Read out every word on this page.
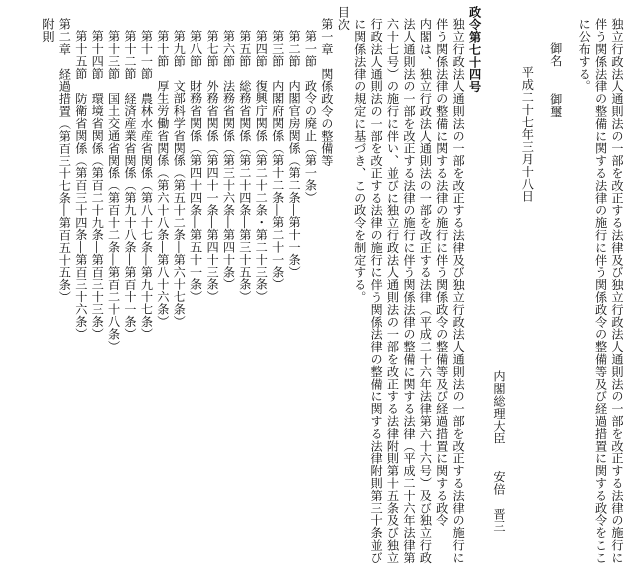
独立行政法人通則法の一部を改正する法律及び独立行政法人通則法の一部を改正する法律の施行に伴う関係法律の整備に関する法律の施行に伴う関係政令の整備等及び経過措置に関する政令をここに公布する。
御名御璽
平成二十七年三月十八日
内閣総理大臣安倍　晋三
政令第七十四号
独立行政法人通則法の一部を改正する法律及び独立行政法人通則法の一部を改正する法律の施行に伴う関係法律の整備に関する法律の施行に伴う関係政令の整備等及び経過措置に関する政令
内閣は、独立行政法人通則法の一部を改正する法律（平成二十六年法律第六十六号）及び独立行政法人通則法の一部を改正する法律の施行に伴う関係法律の整備に関する法律（平成二十六年法律第六十七号）の施行に伴い、並びに独立行政法人通則法の一部を改正する法律附則第十五条及び独立行政法人通則法の一部を改正する法律の施行に伴う関係法律の整備に関する法律附則第三十条並びに関係法律の規定に基づき、この政令を制定する。
目次
第一章　関係政令の整備等
第一節　政令の廃止（第一条）
第二節　内閣官房関係（第二条―第十一条）
第三節　内閣府関係（第十二条―第二十一条）
第四節　復興庁関係（第二十二条・第二十三条）
第五節　総務省関係（第二十四条―第三十五条）
第六節　法務省関係（第三十六条―第四十条）
第七節　外務省関係（第四十一条―第四十三条）
第八節　財務省関係（第四十四条―第五十一条）
第九節　文部科学省関係（第五十二条―第六十七条）
第十節　厚生労働省関係（第六十八条―第八十六条）
第十一節　農林水産省関係（第八十七条―第九十七条）
第十二節　経済産業省関係（第九十八条―第百十一条）
第十三節　国土交通省関係（第百十二条―第百二十八条）
第十四節　環境省関係（第百二十九条―第百三十三条）
第十五節　防衛省関係（第百三十四条―第百三十六条）
第二章　経過措置（第百三十七条―第百五十五条）
附則
